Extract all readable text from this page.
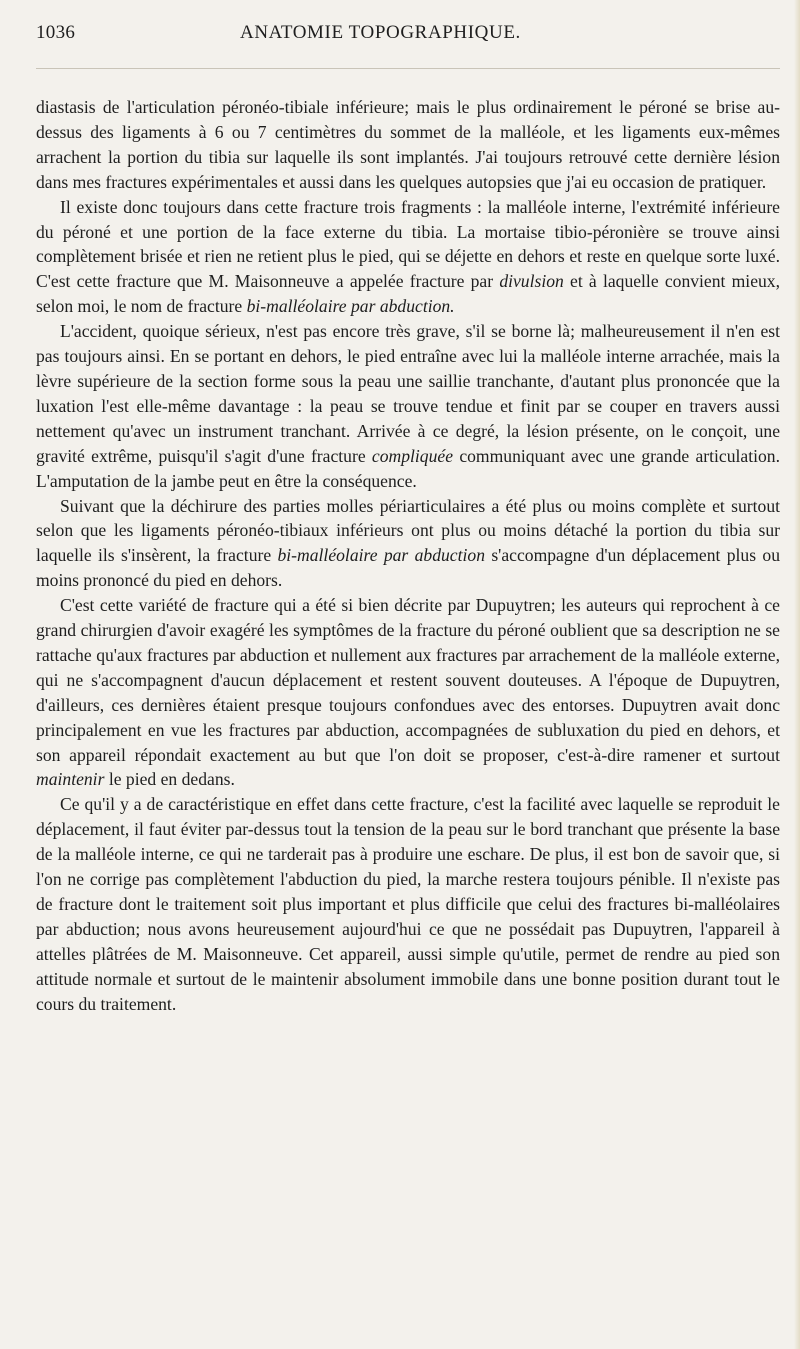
1036	ANATOMIE TOPOGRAPHIQUE.

diastasis de l'articulation péronéo-tibiale inférieure; mais le plus ordinairement le péroné se brise au-dessus des ligaments à 6 ou 7 centimètres du sommet de la malléole, et les ligaments eux-mêmes arrachent la portion du tibia sur laquelle ils sont implantés. J'ai toujours retrouvé cette dernière lésion dans mes fractures expérimentales et aussi dans les quelques autopsies que j'ai eu occasion de pratiquer.

Il existe donc toujours dans cette fracture trois fragments : la malléole interne, l'extrémité inférieure du péroné et une portion de la face externe du tibia. La mortaise tibio-péronière se trouve ainsi complètement brisée et rien ne retient plus le pied, qui se déjette en dehors et reste en quelque sorte luxé. C'est cette fracture que M. Maisonneuve a appelée fracture par divulsion et à laquelle convient mieux, selon moi, le nom de fracture bi-malléolaire par abduction.

L'accident, quoique sérieux, n'est pas encore très grave, s'il se borne là; malheureusement il n'en est pas toujours ainsi. En se portant en dehors, le pied entraîne avec lui la malléole interne arrachée, mais la lèvre supérieure de la section forme sous la peau une saillie tranchante, d'autant plus prononcée que la luxation l'est elle-même davantage : la peau se trouve tendue et finit par se couper en travers aussi nettement qu'avec un instrument tranchant. Arrivée à ce degré, la lésion présente, on le conçoit, une gravité extrême, puisqu'il s'agit d'une fracture compliquée communiquant avec une grande articulation. L'amputation de la jambe peut en être la conséquence.

Suivant que la déchirure des parties molles périarticulaires a été plus ou moins complète et surtout selon que les ligaments péronéo-tibiaux inférieurs ont plus ou moins détaché la portion du tibia sur laquelle ils s'insèrent, la fracture bi-malléolaire par abduction s'accompagne d'un déplacement plus ou moins prononcé du pied en dehors.

C'est cette variété de fracture qui a été si bien décrite par Dupuytren; les auteurs qui reprochent à ce grand chirurgien d'avoir exagéré les symptômes de la fracture du péroné oublient que sa description ne se rattache qu'aux fractures par abduction et nullement aux fractures par arrachement de la malléole externe, qui ne s'accompagnent d'aucun déplacement et restent souvent douteuses. A l'époque de Dupuytren, d'ailleurs, ces dernières étaient presque toujours confondues avec des entorses. Dupuytren avait donc principalement en vue les fractures par abduction, accompagnées de subluxation du pied en dehors, et son appareil répondait exactement au but que l'on doit se proposer, c'est-à-dire ramener et surtout maintenir le pied en dedans.

Ce qu'il y a de caractéristique en effet dans cette fracture, c'est la facilité avec laquelle se reproduit le déplacement, il faut éviter par-dessus tout la tension de la peau sur le bord tranchant que présente la base de la malléole interne, ce qui ne tarderait pas à produire une eschare. De plus, il est bon de savoir que, si l'on ne corrige pas complètement l'abduction du pied, la marche restera toujours pénible. Il n'existe pas de fracture dont le traitement soit plus important et plus difficile que celui des fractures bi-malléolaires par abduction; nous avons heureusement aujourd'hui ce que ne possédait pas Dupuytren, l'appareil à attelles plâtrées de M. Maisonneuve. Cet appareil, aussi simple qu'utile, permet de rendre au pied son attitude normale et surtout de le maintenir absolument immobile dans une bonne position durant tout le cours du traitement.
